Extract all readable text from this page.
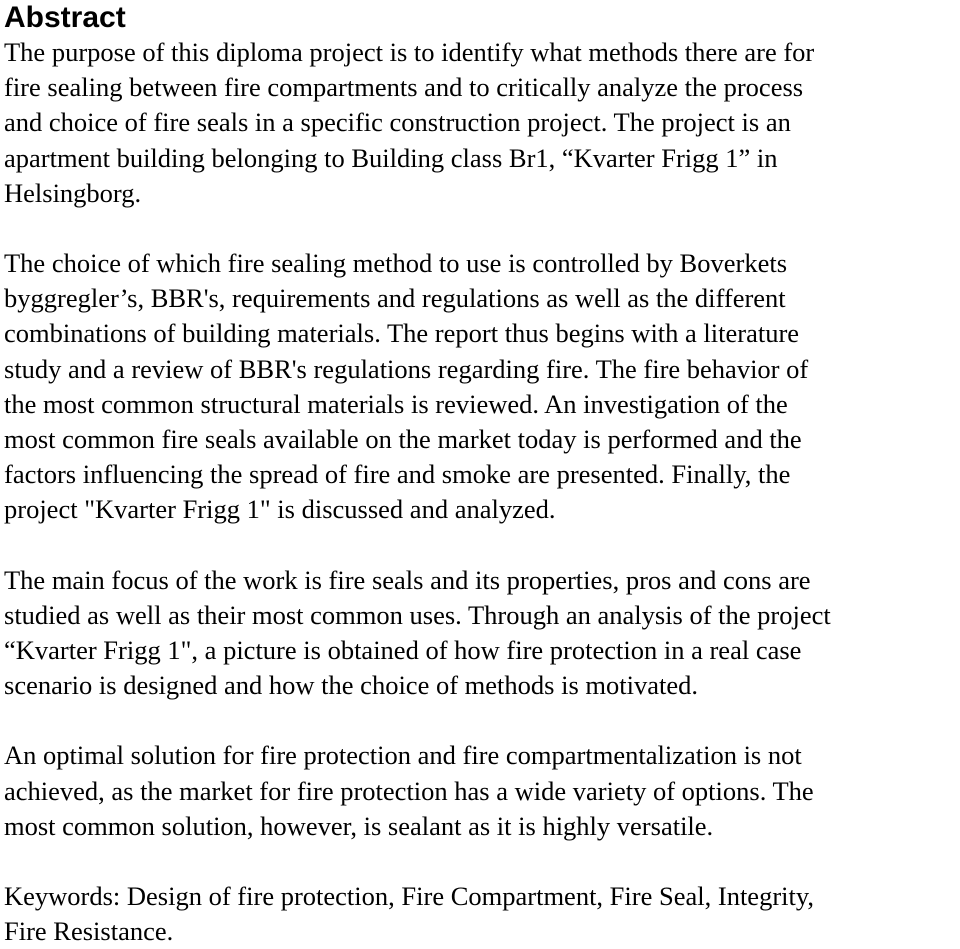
Abstract
The purpose of this diploma project is to identify what methods there are for
fire sealing between fire compartments and to critically analyze the process
and choice of fire seals in a specific construction project. The project is an
apartment building belonging to Building class Br1, “Kvarter Frigg 1” in
Helsingborg.
The choice of which fire sealing method to use is controlled by Boverkets
byggregler’s, BBR's, requirements and regulations as well as the different
combinations of building materials. The report thus begins with a literature
study and a review of BBR's regulations regarding fire. The fire behavior of
the most common structural materials is reviewed. An investigation of the
most common fire seals available on the market today is performed and the
factors influencing the spread of fire and smoke are presented. Finally, the
project "Kvarter Frigg 1" is discussed and analyzed.
The main focus of the work is fire seals and its properties, pros and cons are
studied as well as their most common uses. Through an analysis of the project
“Kvarter Frigg 1", a picture is obtained of how fire protection in a real case
scenario is designed and how the choice of methods is motivated.
An optimal solution for fire protection and fire compartmentalization is not
achieved, as the market for fire protection has a wide variety of options. The
most common solution, however, is sealant as it is highly versatile.
Keywords: Design of fire protection, Fire Compartment, Fire Seal, Integrity,
Fire Resistance.
